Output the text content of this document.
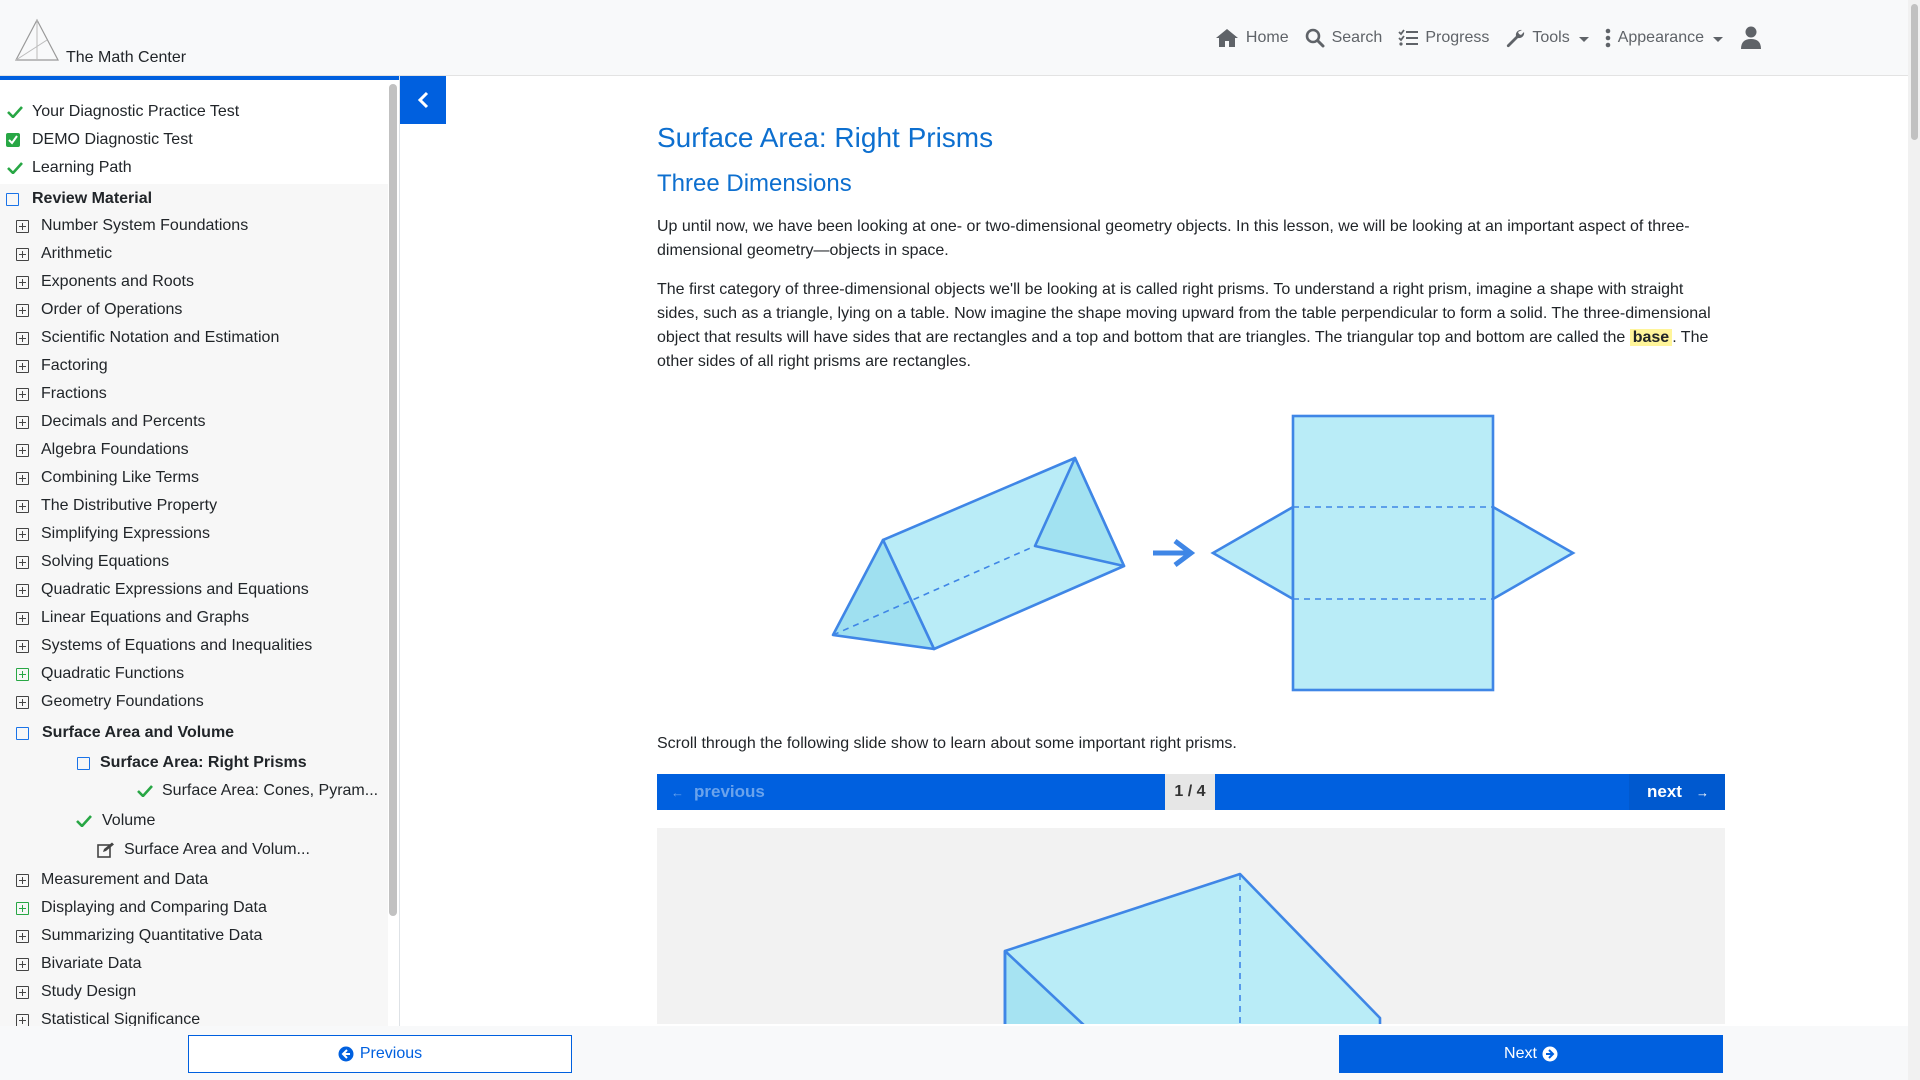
The Math Center
Home	Search	Progress	Tools	Appearance
Your Diagnostic Practice Test
DEMO Diagnostic Test
Learning Path
Review Material
Number System Foundations
Arithmetic
Exponents and Roots
Order of Operations
Scientific Notation and Estimation
Factoring
Fractions
Decimals and Percents
Algebra Foundations
Combining Like Terms
The Distributive Property
Simplifying Expressions
Solving Equations
Quadratic Expressions and Equations
Linear Equations and Graphs
Systems of Equations and Inequalities
Quadratic Functions
Geometry Foundations
Surface Area and Volume
Surface Area: Right Prisms
Surface Area: Cones, Pyram...
Volume
Surface Area and Volum...
Measurement and Data
Displaying and Comparing Data
Summarizing Quantitative Data
Bivariate Data
Study Design
Statistical Significance
Surface Area: Right Prisms
Three Dimensions
Up until now, we have been looking at one- or two-dimensional geometry objects. In this lesson, we will be looking at an important aspect of three-dimensional geometry—objects in space.
The first category of three-dimensional objects we'll be looking at is called right prisms. To understand a right prism, imagine a shape with straight sides, such as a triangle, lying on a table. Now imagine the shape moving upward from the table perpendicular to form a solid. The three-dimensional object that results will have sides that are rectangles and a top and bottom that are triangles. The triangular top and bottom are called the base . The other sides of all right prisms are rectangles.
Scroll through the following slide show to learn about some important right prisms.
← previous	1 / 4	next →
Previous	Next
